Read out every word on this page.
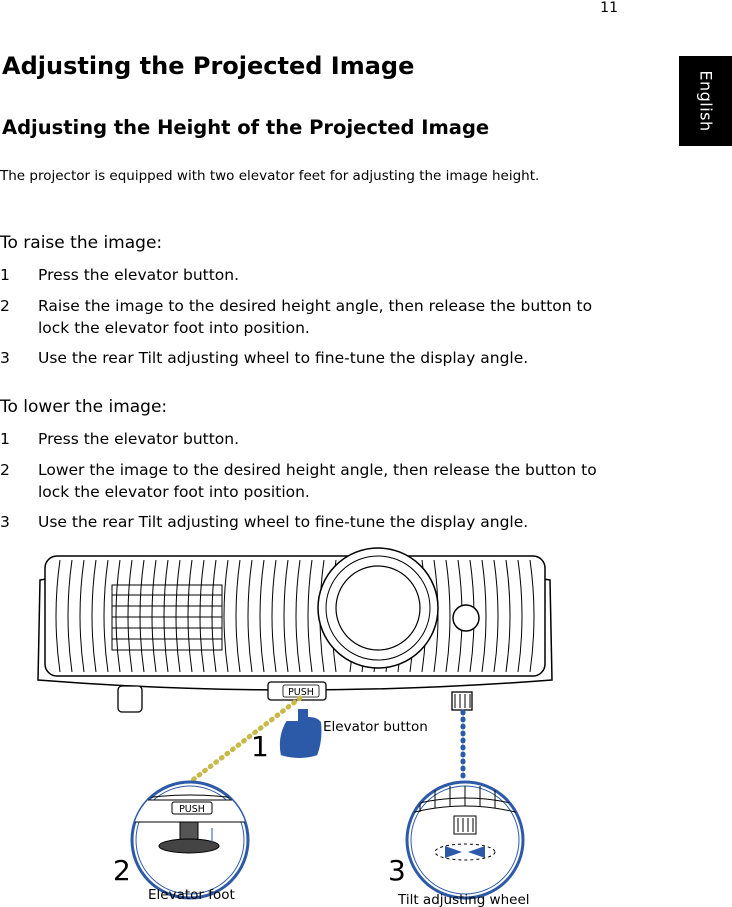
11
English
Adjusting the Projected Image
Adjusting the Height of the Projected Image
The projector is equipped with two elevator feet for adjusting the image height.
To raise the image:
1 Press the elevator button.
2 Raise the image to the desired height angle, then release the button to lock the elevator foot into position.
3 Use the rear Tilt adjusting wheel to fine-tune the display angle.
To lower the image:
1 Press the elevator button.
2 Lower the image to the desired height angle, then release the button to lock the elevator foot into position.
3 Use the rear Tilt adjusting wheel to fine-tune the display angle.
PUSH
1
Elevator button
PUSH
2
Elevator foot
3
Tilt adjusting wheel
